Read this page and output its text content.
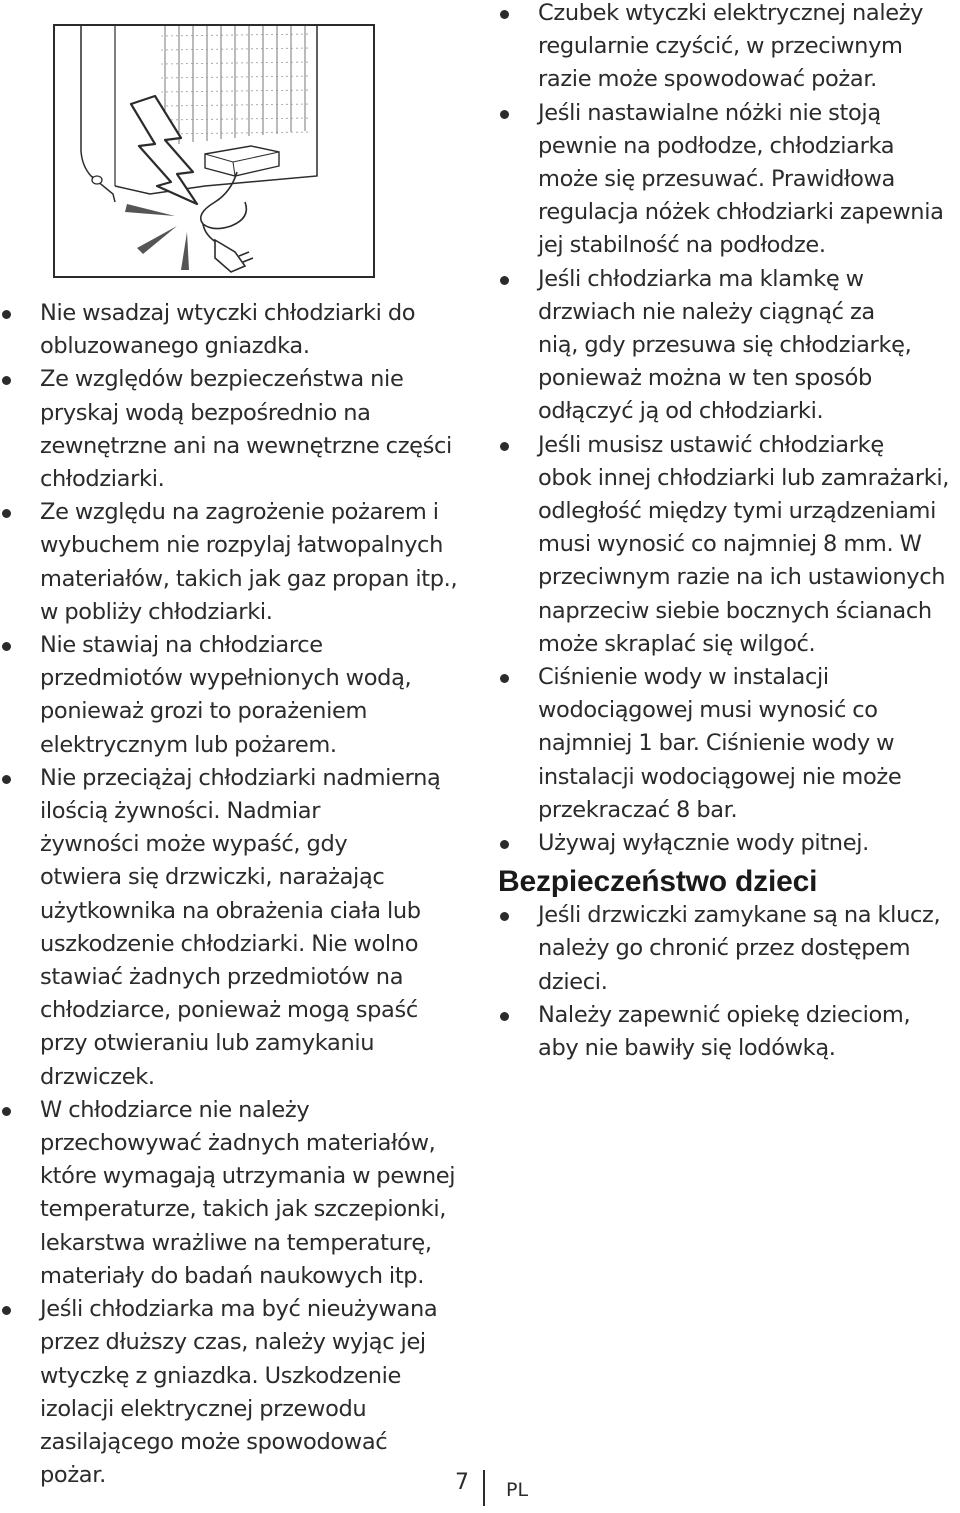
Nie wsadzaj wtyczki chłodziarki do
obluzowanego gniazdka.
Ze względów bezpieczeństwa nie
pryskaj wodą bezpośrednio na
zewnętrzne ani na wewnętrzne części
chłodziarki.
Ze względu na zagrożenie pożarem i
wybuchem nie rozpylaj łatwopalnych
materiałów, takich jak gaz propan itp.,
w pobliży chłodziarki.
Nie stawiaj na chłodziarce
przedmiotów wypełnionych wodą,
ponieważ grozi to porażeniem
elektrycznym lub pożarem.
Nie przeciążaj chłodziarki nadmierną
ilością żywności. Nadmiar
żywności może wypaść, gdy
otwiera się drzwiczki, narażając
użytkownika na obrażenia ciała lub
uszkodzenie chłodziarki. Nie wolno
stawiać żadnych przedmiotów na
chłodziarce, ponieważ mogą spaść
przy otwieraniu lub zamykaniu
drzwiczek.
W chłodziarce nie należy
przechowywać żadnych materiałów,
które wymagają utrzymania w pewnej
temperaturze, takich jak szczepionki,
lekarstwa wrażliwe na temperaturę,
materiały do badań naukowych itp.
Jeśli chłodziarka ma być nieużywana
przez dłuższy czas, należy wyjąc jej
wtyczkę z gniazdka. Uszkodzenie
izolacji elektrycznej przewodu
zasilającego może spowodować
pożar.
Czubek wtyczki elektrycznej należy
regularnie czyścić, w przeciwnym
razie może spowodować pożar.
Jeśli nastawialne nóżki nie stoją
pewnie na podłodze, chłodziarka
może się przesuwać. Prawidłowa
regulacja nóżek chłodziarki zapewnia
jej stabilność na podłodze.
Jeśli chłodziarka ma klamkę w
drzwiach nie należy ciągnąć za
nią, gdy przesuwa się chłodziarkę,
ponieważ można w ten sposób
odłączyć ją od chłodziarki.
Jeśli musisz ustawić chłodziarkę
obok innej chłodziarki lub zamrażarki,
odległość między tymi urządzeniami
musi wynosić co najmniej 8 mm. W
przeciwnym razie na ich ustawionych
naprzeciw siebie bocznych ścianach
może skraplać się wilgoć.
Ciśnienie wody w instalacji
wodociągowej musi wynosić co
najmniej 1 bar. Ciśnienie wody w
instalacji wodociągowej nie może
przekraczać 8 bar.
Używaj wyłącznie wody pitnej.
Bezpieczeństwo dzieci
Jeśli drzwiczki zamykane są na klucz,
należy go chronić przez dostępem
dzieci.
Należy zapewnić opiekę dzieciom,
aby nie bawiły się lodówką.
7 PL
